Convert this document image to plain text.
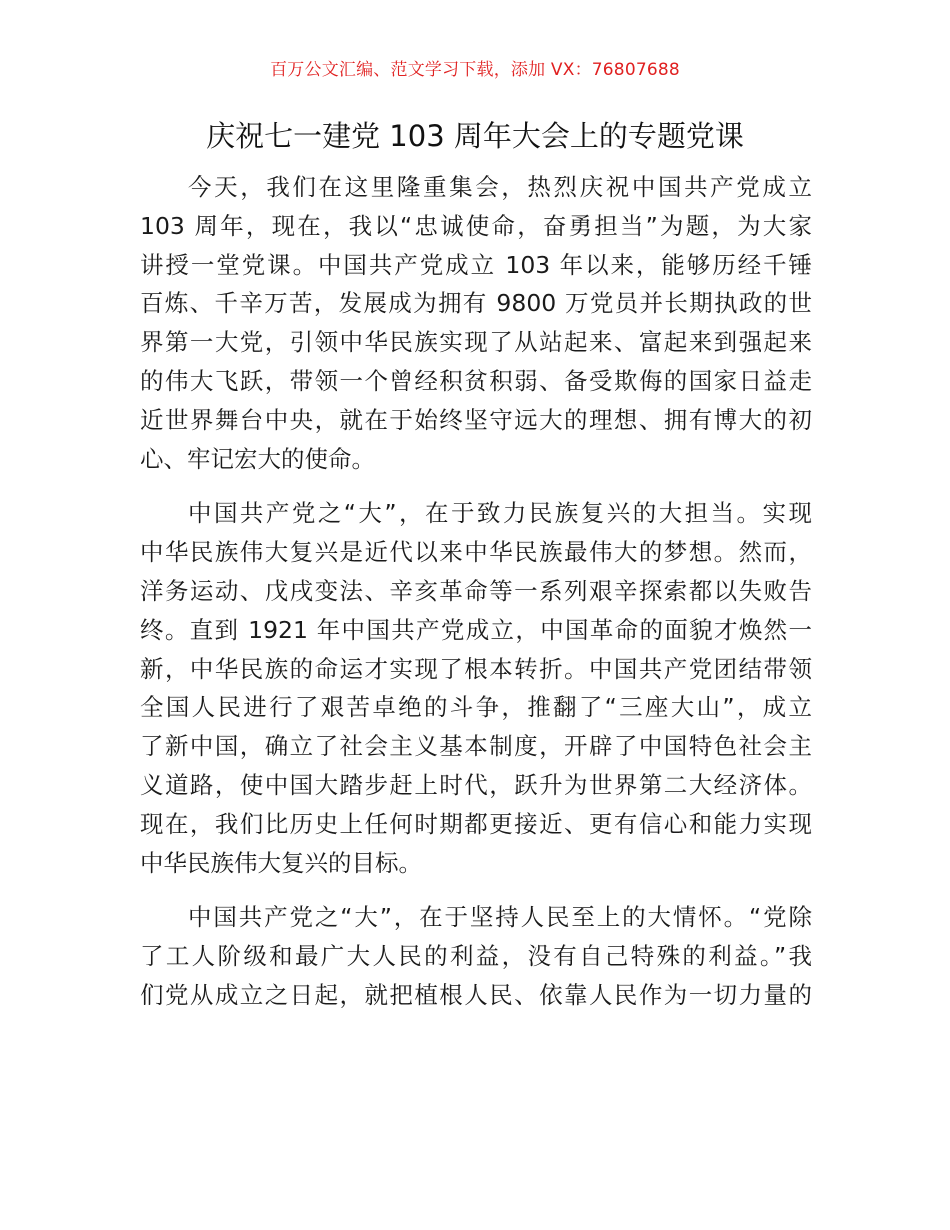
百万公文汇编、范文学习下载，添加 VX：76807688
庆祝七一建党 103 周年大会上的专题党课
今天，我们在这里隆重集会，热烈庆祝中国共产党成立
103 周年，现在，我以“忠诚使命，奋勇担当”为题，为大家
讲授一堂党课。中国共产党成立 103 年以来，能够历经千锤
百炼、千辛万苦，发展成为拥有 9800 万党员并长期执政的世
界第一大党，引领中华民族实现了从站起来、富起来到强起来
的伟大飞跃，带领一个曾经积贫积弱、备受欺侮的国家日益走
近世界舞台中央，就在于始终坚守远大的理想、拥有博大的初
心、牢记宏大的使命。
中国共产党之“大”，在于致力民族复兴的大担当。实现
中华民族伟大复兴是近代以来中华民族最伟大的梦想。然而，
洋务运动、戊戌变法、辛亥革命等一系列艰辛探索都以失败告
终。直到 1921 年中国共产党成立，中国革命的面貌才焕然一
新，中华民族的命运才实现了根本转折。中国共产党团结带领
全国人民进行了艰苦卓绝的斗争，推翻了“三座大山”，成立
了新中国，确立了社会主义基本制度，开辟了中国特色社会主
义道路，使中国大踏步赶上时代，跃升为世界第二大经济体。
现在，我们比历史上任何时期都更接近、更有信心和能力实现
中华民族伟大复兴的目标。
中国共产党之“大”，在于坚持人民至上的大情怀。“党除
了工人阶级和最广大人民的利益，没有自己特殊的利益。”我
们党从成立之日起，就把植根人民、依靠人民作为一切力量的
